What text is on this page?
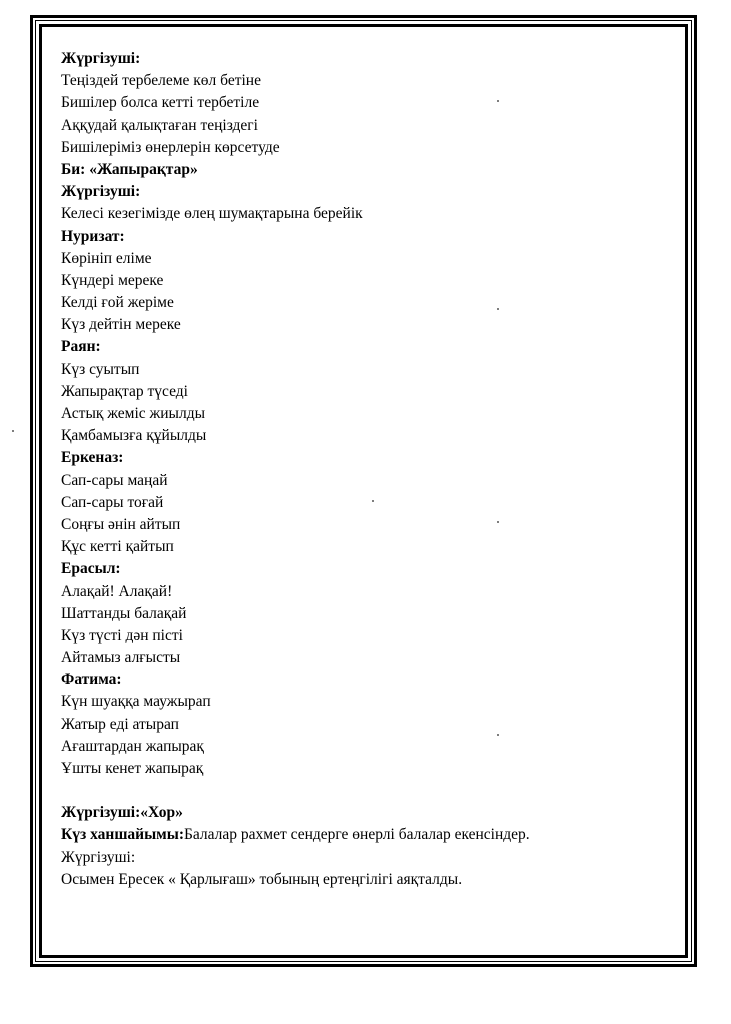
Жүргізуші:
Теңіздей тербелеме көл бетіне
Бишілер болса кетті тербетіле
Аққудай қалықтаған теңіздегі
Бишілеріміз өнерлерін көрсетуде
Би: «Жапырақтар»
Жүргізуші:
Келесі кезегімізде өлең шумақтарына берейік
Нуризат:
Көрініп еліме
Күндері мереке
Келді ғой жеріме
Күз дейтін мереке
Раян:
Күз суытып
Жапырақтар түседі
Астық жеміс жиылды
Қамбамызға құйылды
Еркеназ:
Сап-сары маңай
Сап-сары тоғай
Соңғы әнін айтып
Құс кетті қайтып
Ерасыл:
Алақай! Алақай!
Шаттанды балақай
Күз түсті дән пісті
Айтамыз алғысты
Фатима:
Күн шуаққа маужырап
Жатыр еді атырап
Ағаштардан жапырақ
Ұшты кенет жапырақ
Жүргізуші:«Хор»
Күз ханшайымы:Балалар рахмет сендерге өнерлі балалар екенсіндер.
Жүргізуші:
Осымен Ересек « Қарлығаш» тобының ертеңгілігі аяқталды.
